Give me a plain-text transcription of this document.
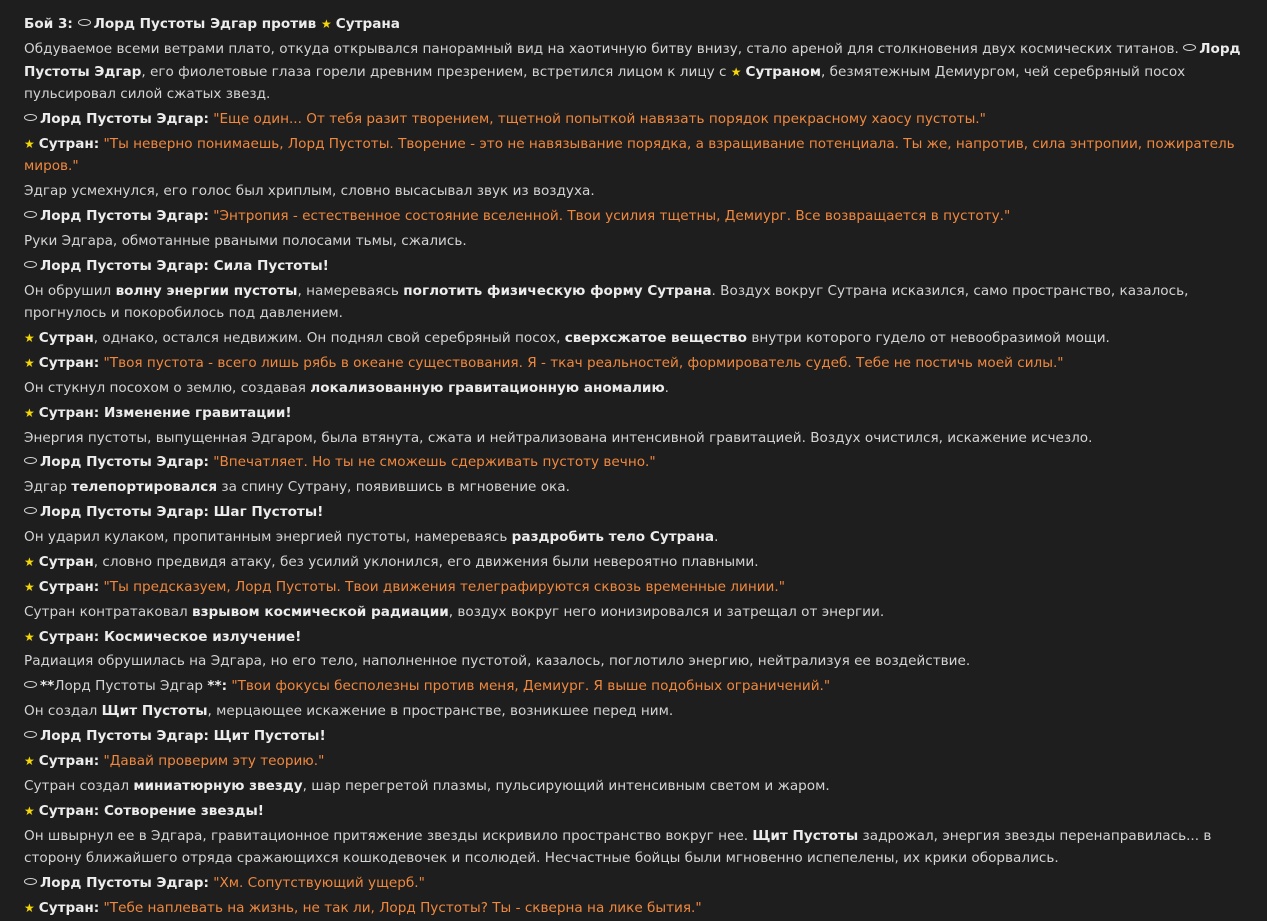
Бой 3: Лорд Пустоты Эдгар против ★ Сутрана
Обдуваемое всеми ветрами плато, откуда открывался панорамный вид на хаотичную битву внизу, стало ареной для столкновения двух космических титанов. Лорд Пустоты Эдгар, его фиолетовые глаза горели древним презрением, встретился лицом к лицу с ★ Сутраном, безмятежным Демиургом, чей серебряный посох пульсировал силой сжатых звезд.
Лорд Пустоты Эдгар: "Еще один... От тебя разит творением, тщетной попыткой навязать порядок прекрасному хаосу пустоты."
★ Сутран: "Ты неверно понимаешь, Лорд Пустоты. Творение - это не навязывание порядка, а взращивание потенциала. Ты же, напротив, сила энтропии, пожиратель миров."
Эдгар усмехнулся, его голос был хриплым, словно высасывал звук из воздуха.
Лорд Пустоты Эдгар: "Энтропия - естественное состояние вселенной. Твои усилия тщетны, Демиург. Все возвращается в пустоту."
Руки Эдгара, обмотанные рваными полосами тьмы, сжались.
Лорд Пустоты Эдгар: Сила Пустоты!
Он обрушил волну энергии пустоты, намереваясь поглотить физическую форму Сутрана. Воздух вокруг Сутрана исказился, само пространство, казалось, прогнулось и покоробилось под давлением.
★ Сутран, однако, остался недвижим. Он поднял свой серебряный посох, сверхсжатое вещество внутри которого гудело от невообразимой мощи.
★ Сутран: "Твоя пустота - всего лишь рябь в океане существования. Я - ткач реальностей, формирователь судеб. Тебе не постичь моей силы."
Он стукнул посохом о землю, создавая локализованную гравитационную аномалию.
★ Сутран: Изменение гравитации!
Энергия пустоты, выпущенная Эдгаром, была втянута, сжата и нейтрализована интенсивной гравитацией. Воздух очистился, искажение исчезло.
Лорд Пустоты Эдгар: "Впечатляет. Но ты не сможешь сдерживать пустоту вечно."
Эдгар телепортировался за спину Сутрану, появившись в мгновение ока.
Лорд Пустоты Эдгар: Шаг Пустоты!
Он ударил кулаком, пропитанным энергией пустоты, намереваясь раздробить тело Сутрана.
★ Сутран, словно предвидя атаку, без усилий уклонился, его движения были невероятно плавными.
★ Сутран: "Ты предсказуем, Лорд Пустоты. Твои движения телеграфируются сквозь временные линии."
Сутран контратаковал взрывом космической радиации, воздух вокруг него ионизировался и затрещал от энергии.
★ Сутран: Космическое излучение!
Радиация обрушилась на Эдгара, но его тело, наполненное пустотой, казалось, поглотило энергию, нейтрализуя ее воздействие.
**Лорд Пустоты Эдгар **: "Твои фокусы бесполезны против меня, Демиург. Я выше подобных ограничений."
Он создал Щит Пустоты, мерцающее искажение в пространстве, возникшее перед ним.
Лорд Пустоты Эдгар: Щит Пустоты!
★ Сутран: "Давай проверим эту теорию."
Сутран создал миниатюрную звезду, шар перегретой плазмы, пульсирующий интенсивным светом и жаром.
★ Сутран: Сотворение звезды!
Он швырнул ее в Эдгара, гравитационное притяжение звезды искривило пространство вокруг нее. Щит Пустоты задрожал, энергия звезды перенаправилась... в сторону ближайшего отряда сражающихся кошкодевочек и псолюдей. Несчастные бойцы были мгновенно испепелены, их крики оборвались.
Лорд Пустоты Эдгар: "Хм. Сопутствующий ущерб."
★ Сутран: "Тебе наплевать на жизнь, не так ли, Лорд Пустоты? Ты - скверна на лике бытия."
